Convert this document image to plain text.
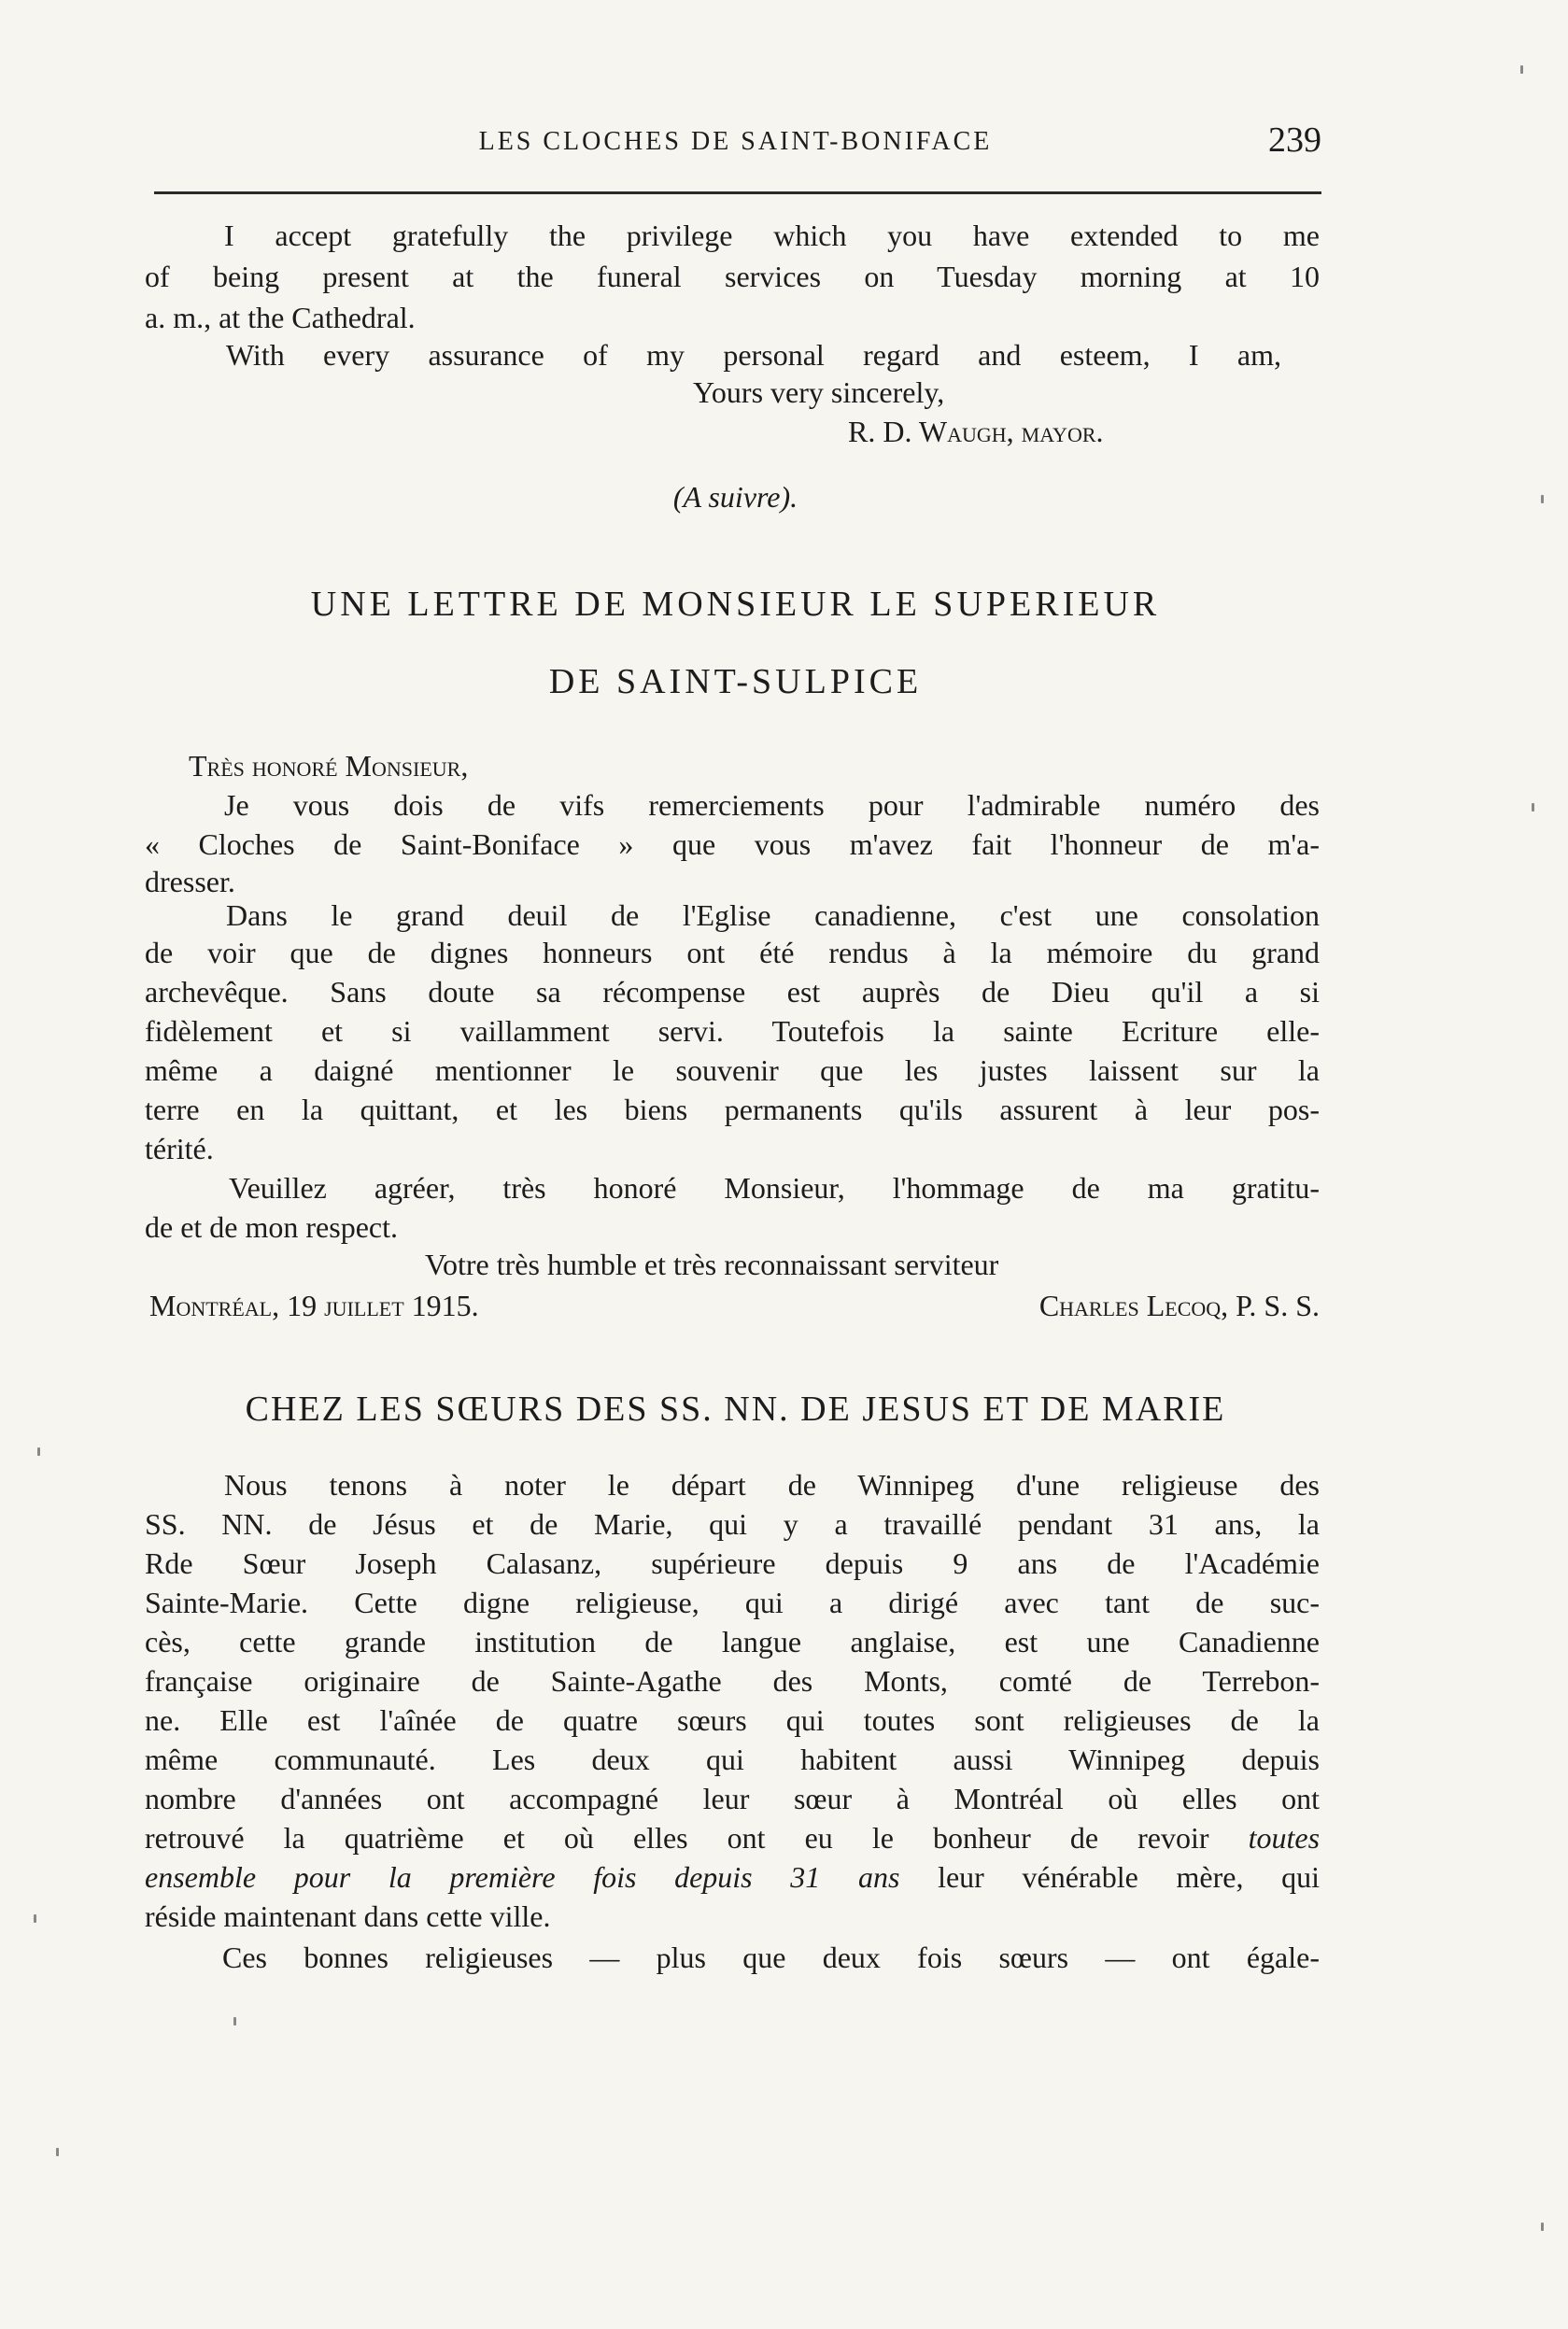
LES CLOCHES DE SAINT-BONIFACE	239
I accept gratefully the privilege which you have extended to me
of being present at the funeral services on Tuesday morning at 10
a. m., at the Cathedral.
With every assurance of my personal regard and esteem, I am,
Yours very sincerely,
R. D. Waugh, mayor.
(A suivre).
UNE LETTRE DE MONSIEUR LE SUPERIEUR
DE SAINT-SULPICE
Très honoré Monsieur,
Je vous dois de vifs remerciements pour l'admirable numéro des
« Cloches de Saint-Boniface » que vous m'avez fait l'honneur de m'a-
dresser.
Dans le grand deuil de l'Eglise canadienne, c'est une consolation
de voir que de dignes honneurs ont été rendus à la mémoire du grand
archevêque. Sans doute sa récompense est auprès de Dieu qu'il a si
fidèlement et si vaillamment servi. Toutefois la sainte Ecriture elle-
même a daigné mentionner le souvenir que les justes laissent sur la
terre en la quittant, et les biens permanents qu'ils assurent à leur pos-
térité.
Veuillez agréer, très honoré Monsieur, l'hommage de ma gratitu-
de et de mon respect.
Votre très humble et très reconnaissant serviteur
Montréal, 19 juillet 1915.	Charles Lecoq, P. S. S.
CHEZ LES SŒURS DES SS. NN. DE JESUS ET DE MARIE
Nous tenons à noter le départ de Winnipeg d'une religieuse des
SS. NN. de Jésus et de Marie, qui y a travaillé pendant 31 ans, la
Rde Sœur Joseph Calasanz, supérieure depuis 9 ans de l'Académie
Sainte-Marie. Cette digne religieuse, qui a dirigé avec tant de suc-
cès, cette grande institution de langue anglaise, est une Canadienne
française originaire de Sainte-Agathe des Monts, comté de Terrebon-
ne. Elle est l'aînée de quatre sœurs qui toutes sont religieuses de la
même communauté. Les deux qui habitent aussi Winnipeg depuis
nombre d'années ont accompagné leur sœur à Montréal où elles ont
retrouvé la quatrième et où elles ont eu le bonheur de revoir toutes
ensemble pour la première fois depuis 31 ans leur vénérable mère, qui
réside maintenant dans cette ville.
Ces bonnes religieuses — plus que deux fois sœurs — ont égale-
